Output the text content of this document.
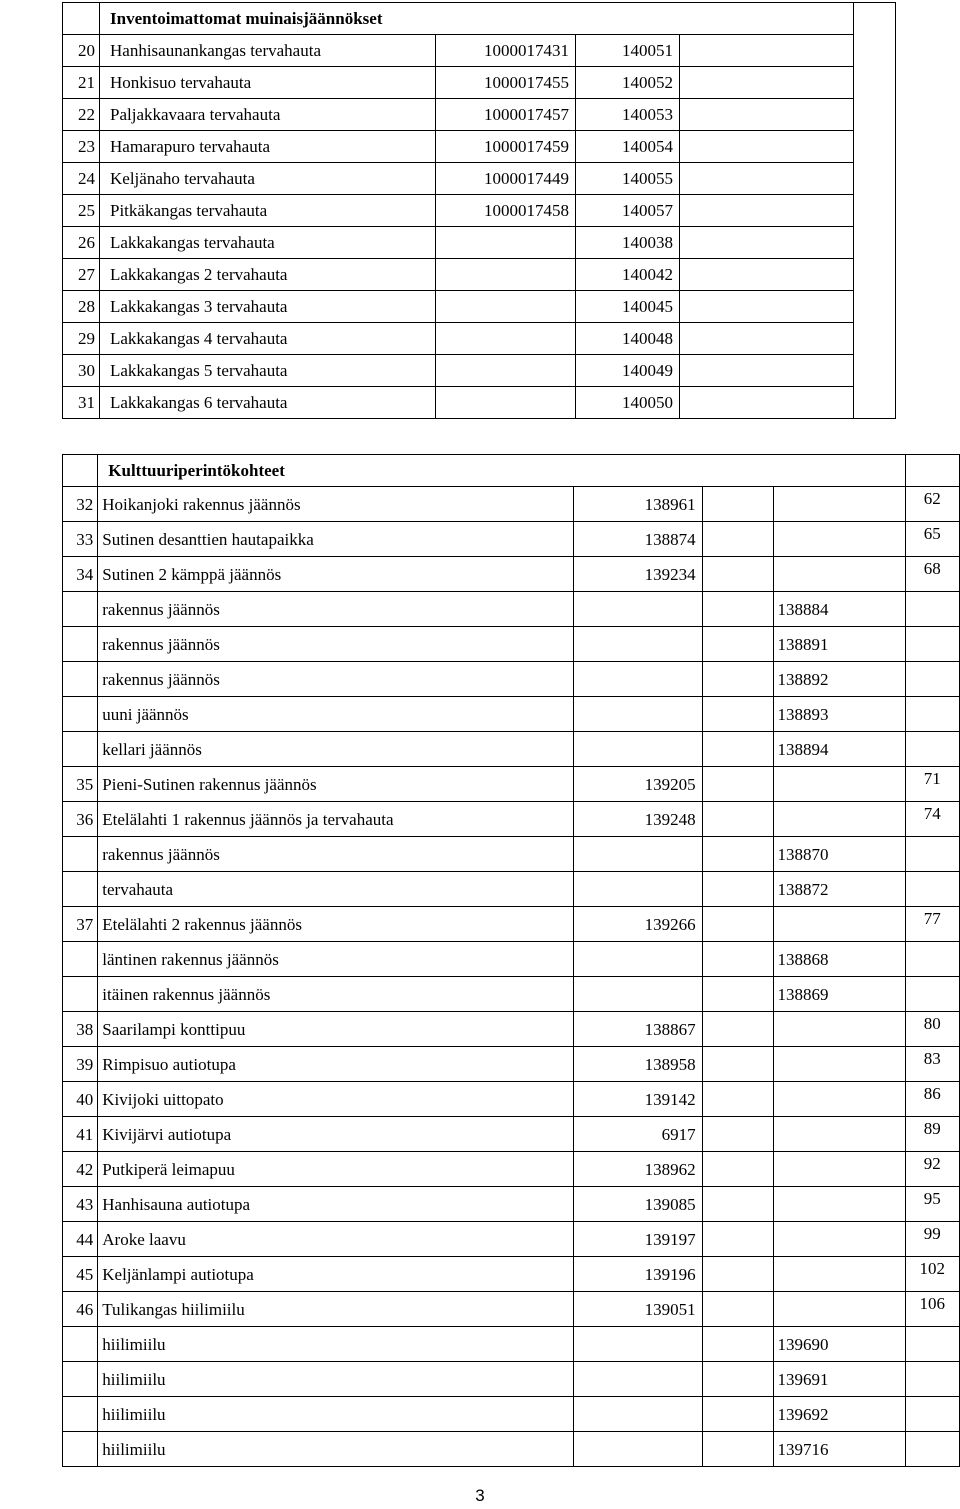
	Inventoimattomat muinaisjäännökset				
20	Hanhisaunankangas tervahauta	1000017431	140051		
21	Honkisuo tervahauta	1000017455	140052		
22	Paljakkavaara tervahauta	1000017457	140053		
23	Hamarapuro tervahauta	1000017459	140054		
24	Keljänaho tervahauta	1000017449	140055		
25	Pitkäkangas tervahauta	1000017458	140057		
26	Lakkakangas tervahauta		140038		
27	Lakkakangas 2 tervahauta		140042		
28	Lakkakangas 3 tervahauta		140045		
29	Lakkakangas 4 tervahauta		140048		
30	Lakkakangas 5 tervahauta		140049		
31	Lakkakangas 6 tervahauta		140050		
	Kulttuuriperintökohteet				
32	Hoikanjoki rakennus jäännös	138961			62
33	Sutinen desanttien hautapaikka	138874			65
34	Sutinen 2 kämppä jäännös	139234			68
	rakennus jäännös			138884	
	rakennus jäännös			138891	
	rakennus jäännös			138892	
	uuni jäännös			138893	
	kellari jäännös			138894	
35	Pieni-Sutinen rakennus jäännös	139205			71
36	Etelälahti 1 rakennus jäännös ja tervahauta	139248			74
	rakennus jäännös			138870	
	tervahauta			138872	
37	Etelälahti 2 rakennus jäännös	139266			77
	läntinen rakennus jäännös			138868	
	itäinen rakennus jäännös			138869	
38	Saarilampi konttipuu	138867			80
39	Rimpisuo autiotupa	138958			83
40	Kivijoki uittopato	139142			86
41	Kivijärvi autiotupa	6917			89
42	Putkiperä leimapuu	138962			92
43	Hanhisauna autiotupa	139085			95
44	Aroke laavu	139197			99
45	Keljänlampi autiotupa	139196			102
46	Tulikangas hiilimiilu	139051			106
	hiilimiilu			139690	
	hiilimiilu			139691	
	hiilimiilu			139692	
	hiilimiilu			139716	
3
